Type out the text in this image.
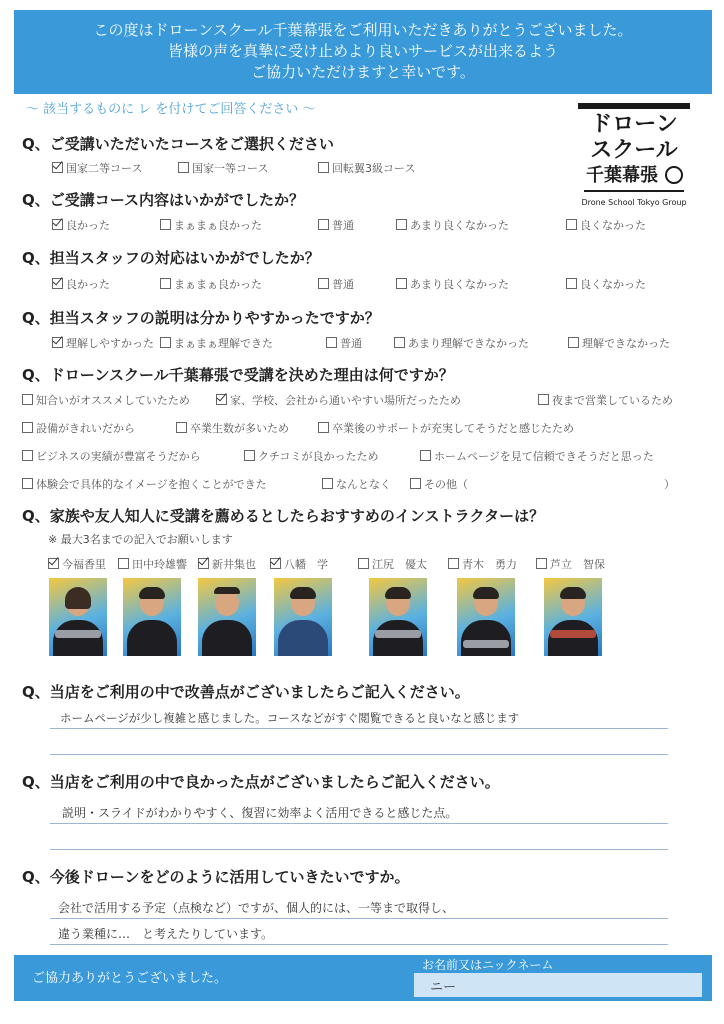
この度はドローンスクール千葉幕張をご利用いただきありがとうございました。
皆様の声を真摯に受け止めより良いサービスが出来るよう
ご協力いただけますと幸いです。
～ 該当するものに レ を付けてご回答ください ～
ドローン
スクール
千葉幕張
Drone School Tokyo Group
Q、ご受講いただいたコースをご選択ください
国家二等コース	国家一等コース	回転翼3級コース
Q、ご受講コース内容はいかがでしたか？
良かった	まぁまぁ良かった	普通	あまり良くなかった	良くなかった
Q、担当スタッフの対応はいかがでしたか？
良かった	まぁまぁ良かった	普通	あまり良くなかった	良くなかった
Q、担当スタッフの説明は分かりやすかったですか？
理解しやすかった	まぁまぁ理解できた	普通	あまり理解できなかった	理解できなかった
Q、ドローンスクール千葉幕張で受講を決めた理由は何ですか？
知合いがオススメしていたため	家、学校、会社から通いやすい場所だったため	夜まで営業しているため
設備がきれいだから	卒業生数が多いため	卒業後のサポートが充実してそうだと感じたため
ビジネスの実績が豊富そうだから	クチコミが良かったため	ホームページを見て信頼できそうだと思った
体験会で具体的なイメージを抱くことができた	なんとなく	その他（	）
Q、家族や友人知人に受講を薦めるとしたらおすすめのインストラクターは？
※ 最大3名までの記入でお願いします
今福香里	田中玲雄響	新井集也	八幡　学	江尻　優太	青木　勇力	芦立　智保
Q、当店をご利用の中で改善点がございましたらご記入ください。
ホームページが少し複雑と感じました。コースなどがすぐ閲覧できると良いなと感じます
Q、当店をご利用の中で良かった点がございましたらご記入ください。
説明・スライドがわかりやすく、復習に効率よく活用できると感じた点。
Q、今後ドローンをどのように活用していきたいですか。
会社で活用する予定（点検など）ですが、個人的には、一等まで取得し、
違う業種に…　と考えたりしています。
ご協力ありがとうございました。
お名前又はニックネーム
ニー
